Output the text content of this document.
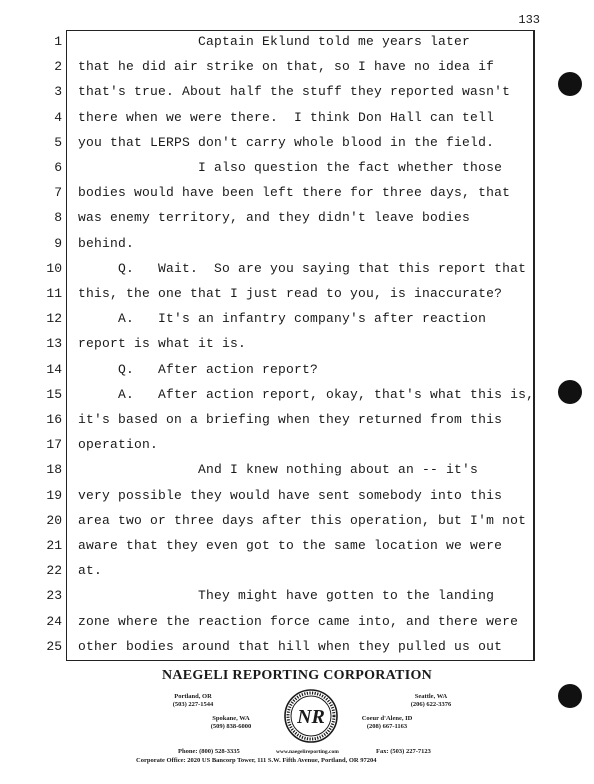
133
1
2
3
4
5
6
7
8
9
10
11
12
13
14
15
16
17
18
19
20
21
22
23
24
25
Captain Eklund told me years later
that he did air strike on that, so I have no idea if
that's true. About half the stuff they reported wasn't
there when we were there.  I think Don Hall can tell
you that LERPS don't carry whole blood in the field.
I also question the fact whether those
bodies would have been left there for three days, that
was enemy territory, and they didn't leave bodies
behind.
Q.   Wait.  So are you saying that this report that
this, the one that I just read to you, is inaccurate?
A.   It's an infantry company's after reaction
report is what it is.
Q.   After action report?
A.   After action report, okay, that's what this is,
it's based on a briefing when they returned from this
operation.
And I knew nothing about an -- it's
very possible they would have sent somebody into this
area two or three days after this operation, but I'm not
aware that they even got to the same location we were
at.
They might have gotten to the landing
zone where the reaction force came into, and there were
other bodies around that hill when they pulled us out
NAEGELI REPORTING CORPORATION
Portland, OR
(503) 227-1544
Seattle, WA
(206) 622-3376
Spokane, WA
(509) 838-6000
Coeur d'Alene, ID
(208) 667-1163
NR
Phone: (800) 528-3335	www.naegelireporting.com	Fax: (503) 227-7123
Corporate Office: 2020 US Bancorp Tower, 111 S.W. Fifth Avenue, Portland, OR 97204
